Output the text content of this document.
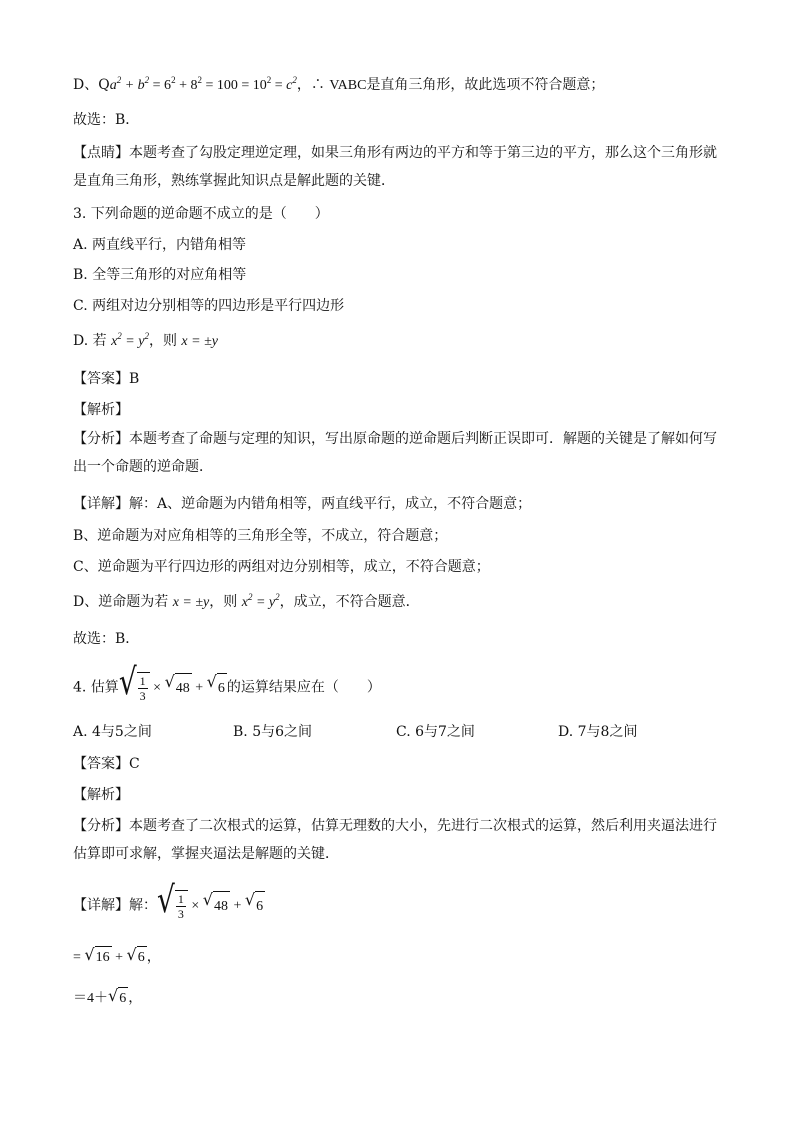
D、$Qa^2 + b^2 = 6^2 + 8^2 = 100 = 10^2 = c^2$，∴ VABC是直角三角形，故此选项不符合题意；
故选：B．
【点睛】本题考查了勾股定理逆定理，如果三角形有两边的平方和等于第三边的平方，那么这个三角形就是直角三角形，熟练掌握此知识点是解此题的关键．
3. 下列命题的逆命题不成立的是（　　）
A. 两直线平行，内错角相等
B. 全等三角形的对应角相等
C. 两组对边分别相等的四边形是平行四边形
D. 若 $x^2 = y^2$，则 x = ±y
【答案】B
【解析】
【分析】本题考查了命题与定理的知识，写出原命题的逆命题后判断正误即可．解题的关键是了解如何写出一个命题的逆命题．
【详解】解：A、逆命题为内错角相等，两直线平行，成立，不符合题意；
B、逆命题为对应角相等的三角形全等，不成立，符合题意；
C、逆命题为平行四边形的两组对边分别相等，成立，不符合题意；
D、逆命题为若 x = ±y，则 $x^2 = y^2$，成立，不符合题意．
故选：B．
4. 估算 √ $\frac{1}{3}$ × √ 48 + √ 6 的运算结果应在（　　）
A. 4与5之间	B. 5与6之间	C. 6与7之间	D. 7与8之间
【答案】C
【解析】
【分析】本题考查了二次根式的运算，估算无理数的大小，先进行二次根式的运算，然后利用夹逼法进行估算即可求解，掌握夹逼法是解题的关键．
【详解】解： √ $\frac{1}{3}$ × √ 48 + √ 6
= √ 16 + √ 6 ，
＝4＋ √ 6 ，
